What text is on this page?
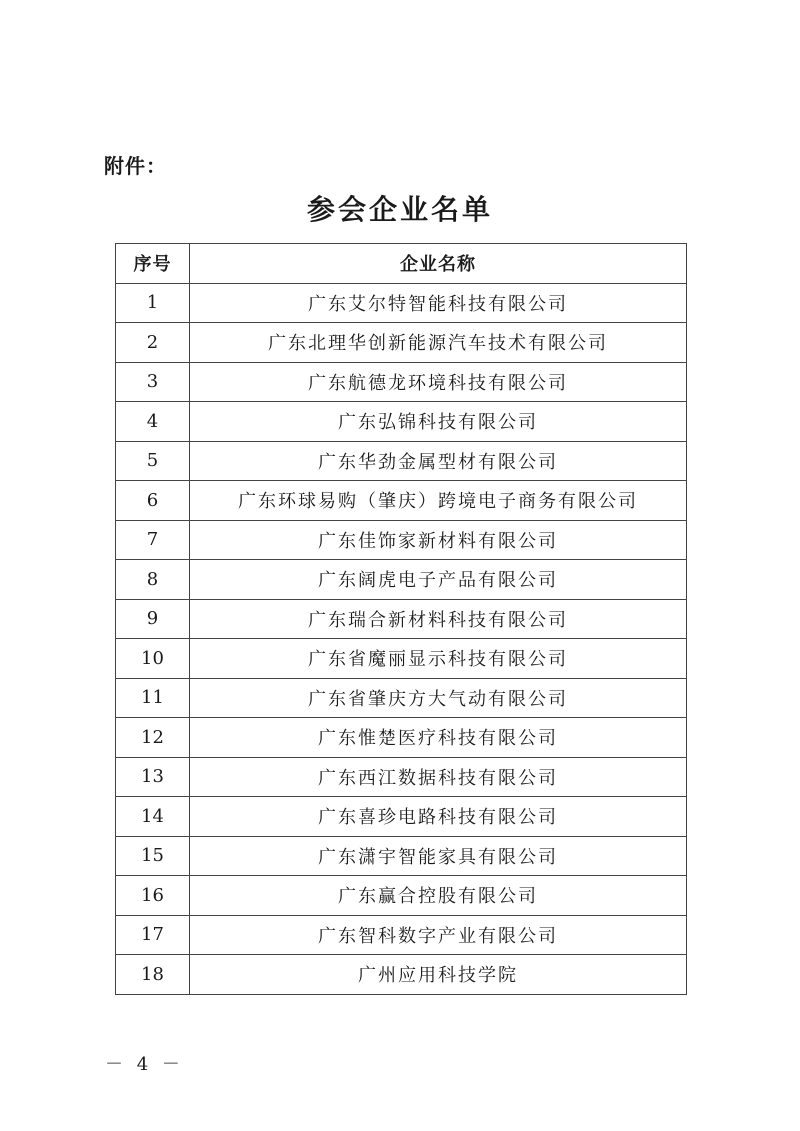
附件：
参会企业名单
序号	企业名称
1	广东艾尔特智能科技有限公司
2	广东北理华创新能源汽车技术有限公司
3	广东航德龙环境科技有限公司
4	广东弘锦科技有限公司
5	广东华劲金属型材有限公司
6	广东环球易购（肇庆）跨境电子商务有限公司
7	广东佳饰家新材料有限公司
8	广东阔虎电子产品有限公司
9	广东瑞合新材料科技有限公司
10	广东省魔丽显示科技有限公司
11	广东省肇庆方大气动有限公司
12	广东惟楚医疗科技有限公司
13	广东西江数据科技有限公司
14	广东喜珍电路科技有限公司
15	广东潇宇智能家具有限公司
16	广东赢合控股有限公司
17	广东智科数字产业有限公司
18	广州应用科技学院
－ 4 －
